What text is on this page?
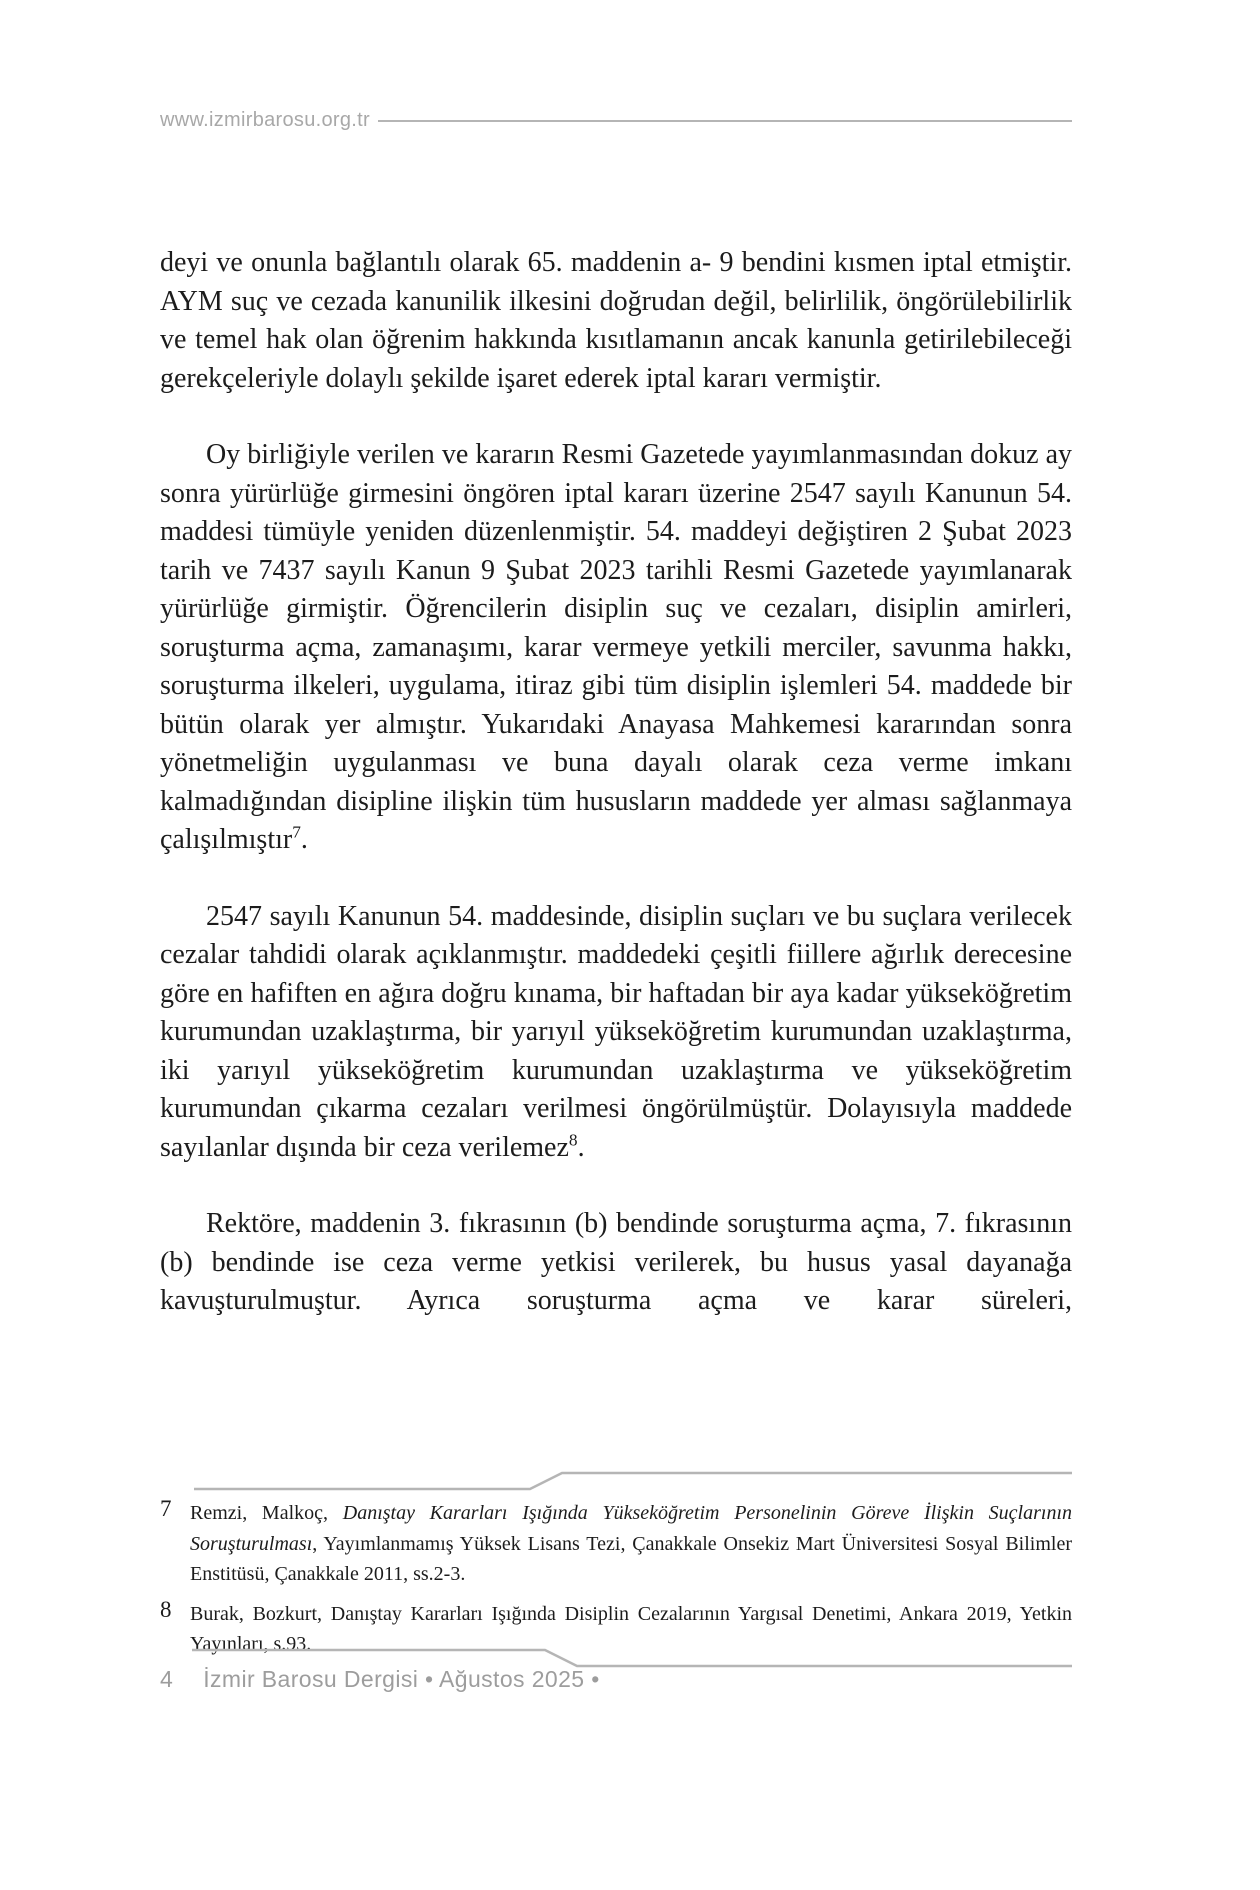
www.izmirbarosu.org.tr

deyi ve onunla bağlantılı olarak 65. maddenin a- 9 bendini kısmen iptal etmiştir. AYM suç ve cezada kanunilik ilkesini doğrudan değil, belirlilik, öngörülebilirlik ve temel hak olan öğrenim hakkında kısıtlamanın ancak kanunla getirilebileceği gerekçeleriyle dolaylı şekilde işaret ederek iptal kararı vermiştir.

Oy birliğiyle verilen ve kararın Resmi Gazetede yayımlanmasından dokuz ay sonra yürürlüğe girmesini öngören iptal kararı üzerine 2547 sayılı Kanunun 54. maddesi tümüyle yeniden düzenlenmiştir. 54. maddeyi değiştiren 2 Şubat 2023 tarih ve 7437 sayılı Kanun 9 Şubat 2023 tarihli Resmi Gazetede yayımlanarak yürürlüğe girmiştir. Öğrencilerin disiplin suç ve cezaları, disiplin amirleri, soruşturma açma, zamanaşımı, karar vermeye yetkili merciler, savunma hakkı, soruşturma ilkeleri, uygulama, itiraz gibi tüm disiplin işlemleri 54. maddede bir bütün olarak yer almıştır. Yukarıdaki Anayasa Mahkemesi kararından sonra yönetmeliğin uygulanması ve buna dayalı olarak ceza verme imkanı kalmadığından disipline ilişkin tüm hususların maddede yer alması sağlanmaya çalışılmıştır$^7$.

2547 sayılı Kanunun 54. maddesinde, disiplin suçları ve bu suçlara verilecek cezalar tahdidi olarak açıklanmıştır. maddedeki çeşitli fiillere ağırlık derecesine göre en hafiften en ağıra doğru kınama, bir haftadan bir aya kadar yükseköğretim kurumundan uzaklaştırma, bir yarıyıl yükseköğretim kurumundan uzaklaştırma, iki yarıyıl yükseköğretim kurumundan uzaklaştırma ve yükseköğretim kurumundan çıkarma cezaları verilmesi öngörülmüştür. Dolayısıyla maddede sayılanlar dışında bir ceza verilemez$^8$.

Rektöre, maddenin 3. fıkrasının (b) bendinde soruşturma açma, 7. fıkrasının (b) bendinde ise ceza verme yetkisi verilerek, bu husus yasal dayanağa kavuşturulmuştur. Ayrıca soruşturma açma ve karar süreleri,

7 Remzi, Malkoç, Danıştay Kararları Işığında Yükseköğretim Personelinin Göreve İlişkin Suçlarının Soruşturulması, Yayımlanmamış Yüksek Lisans Tezi, Çanakkale Onsekiz Mart Üniversitesi Sosyal Bilimler Enstitüsü, Çanakkale 2011, ss.2-3.
8 Burak, Bozkurt, Danıştay Kararları Işığında Disiplin Cezalarının Yargısal Denetimi, Ankara 2019, Yetkin Yayınları, s.93.
4 İzmir Barosu Dergisi • Ağustos 2025 •
